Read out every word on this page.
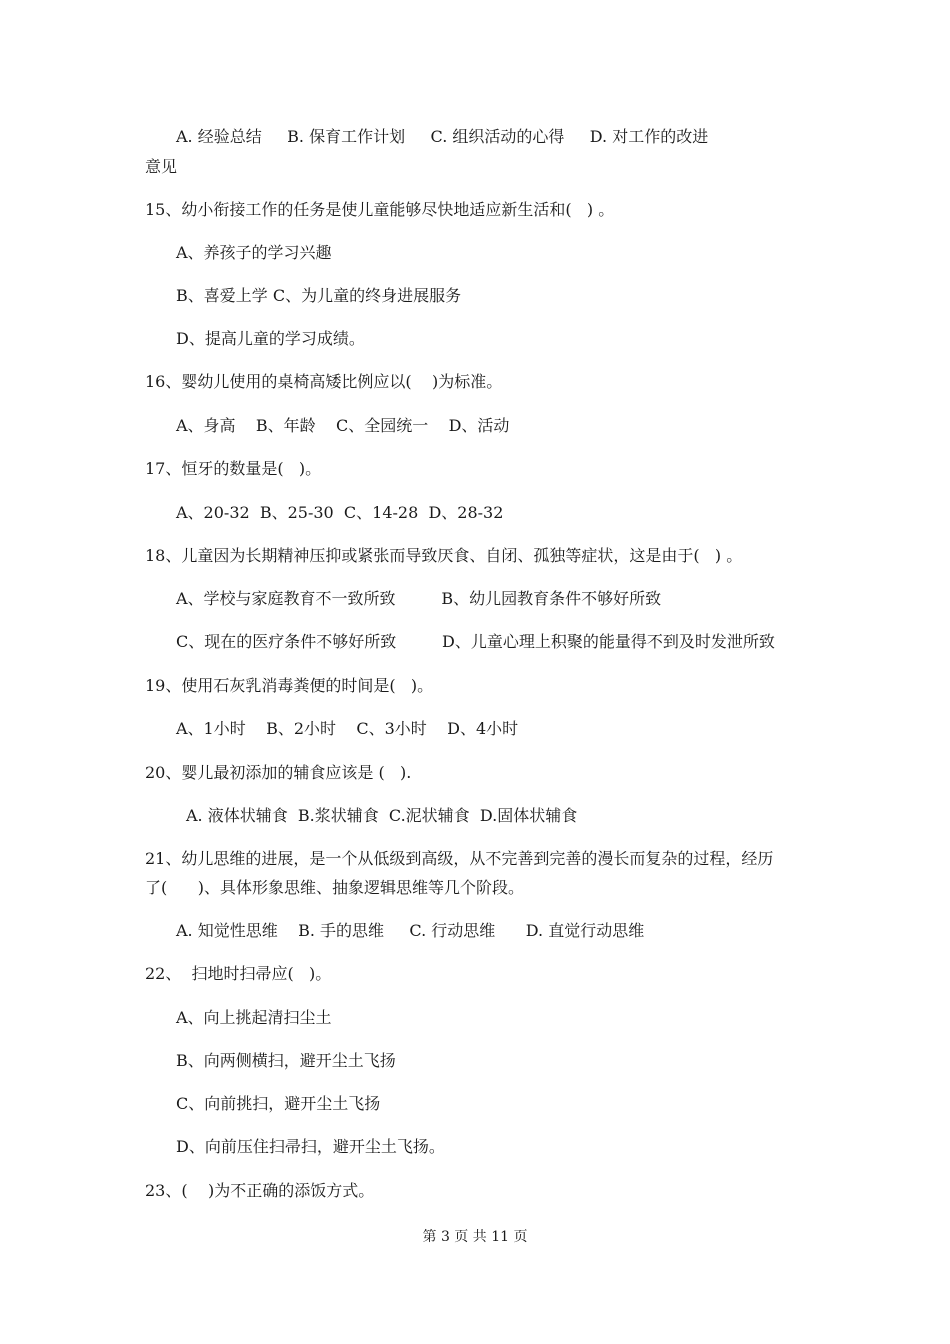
A. 经验总结     B. 保育工作计划     C. 组织活动的心得     D. 对工作的改进
意见
15、幼小衔接工作的任务是使儿童能够尽快地适应新生活和(   ) 。
A、养孩子的学习兴趣
B、喜爱上学 C、为儿童的终身进展服务
D、提高儿童的学习成绩。
16、婴幼儿使用的桌椅高矮比例应以(    )为标准。
A、身高    B、年龄    C、全园统一    D、活动
17、恒牙的数量是(   )。
A、20-32  B、25-30  C、14-28  D、28-32
18、儿童因为长期精神压抑或紧张而导致厌食、自闭、孤独等症状，这是由于(   ) 。
A、学校与家庭教育不一致所致         B、幼儿园教育条件不够好所致
C、现在的医疗条件不够好所致         D、儿童心理上积聚的能量得不到及时发泄所致
19、使用石灰乳消毒粪便的时间是(   )。
A、1小时    B、2小时    C、3小时    D、4小时
20、婴儿最初添加的辅食应该是 (   ).
A. 液体状辅食  B.浆状辅食  C.泥状辅食  D.固体状辅食
21、幼儿思维的进展，是一个从低级到高级，从不完善到完善的漫长而复杂的过程，经历
了(      )、具体形象思维、抽象逻辑思维等几个阶段。
A. 知觉性思维    B. 手的思维     C. 行动思维      D. 直觉行动思维
22、  扫地时扫帚应(   )。
A、向上挑起清扫尘土
B、向两侧横扫，避开尘土飞扬
C、向前挑扫，避开尘土飞扬
D、向前压住扫帚扫，避开尘土飞扬。
23、(    )为不正确的添饭方式。
第 3 页 共 11 页
